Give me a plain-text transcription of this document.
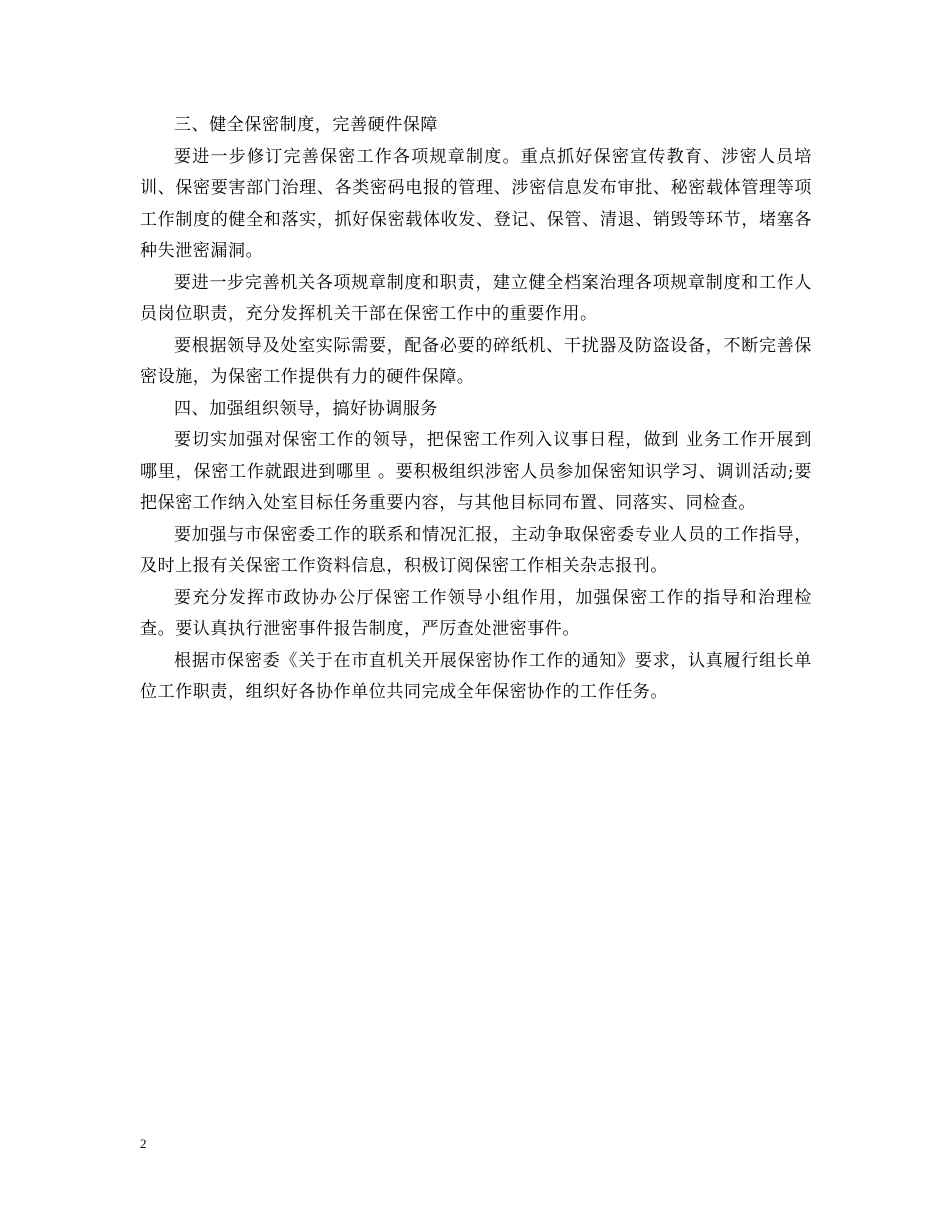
三、健全保密制度，完善硬件保障

要进一步修订完善保密工作各项规章制度。重点抓好保密宣传教育、涉密人员培训、保密要害部门治理、各类密码电报的管理、涉密信息发布审批、秘密载体管理等项工作制度的健全和落实，抓好保密载体收发、登记、保管、清退、销毁等环节，堵塞各种失泄密漏洞。

要进一步完善机关各项规章制度和职责，建立健全档案治理各项规章制度和工作人员岗位职责，充分发挥机关干部在保密工作中的重要作用。

要根据领导及处室实际需要，配备必要的碎纸机、干扰器及防盗设备，不断完善保密设施，为保密工作提供有力的硬件保障。

四、加强组织领导，搞好协调服务

要切实加强对保密工作的领导，把保密工作列入议事日程，做到 业务工作开展到哪里，保密工作就跟进到哪里 。要积极组织涉密人员参加保密知识学习、调训活动;要把保密工作纳入处室目标任务重要内容，与其他目标同布置、同落实、同检查。

要加强与市保密委工作的联系和情况汇报，主动争取保密委专业人员的工作指导，及时上报有关保密工作资料信息，积极订阅保密工作相关杂志报刊。

要充分发挥市政协办公厅保密工作领导小组作用，加强保密工作的指导和治理检查。要认真执行泄密事件报告制度，严厉查处泄密事件。

根据市保密委《关于在市直机关开展保密协作工作的通知》要求，认真履行组长单位工作职责，组织好各协作单位共同完成全年保密协作的工作任务。

2
